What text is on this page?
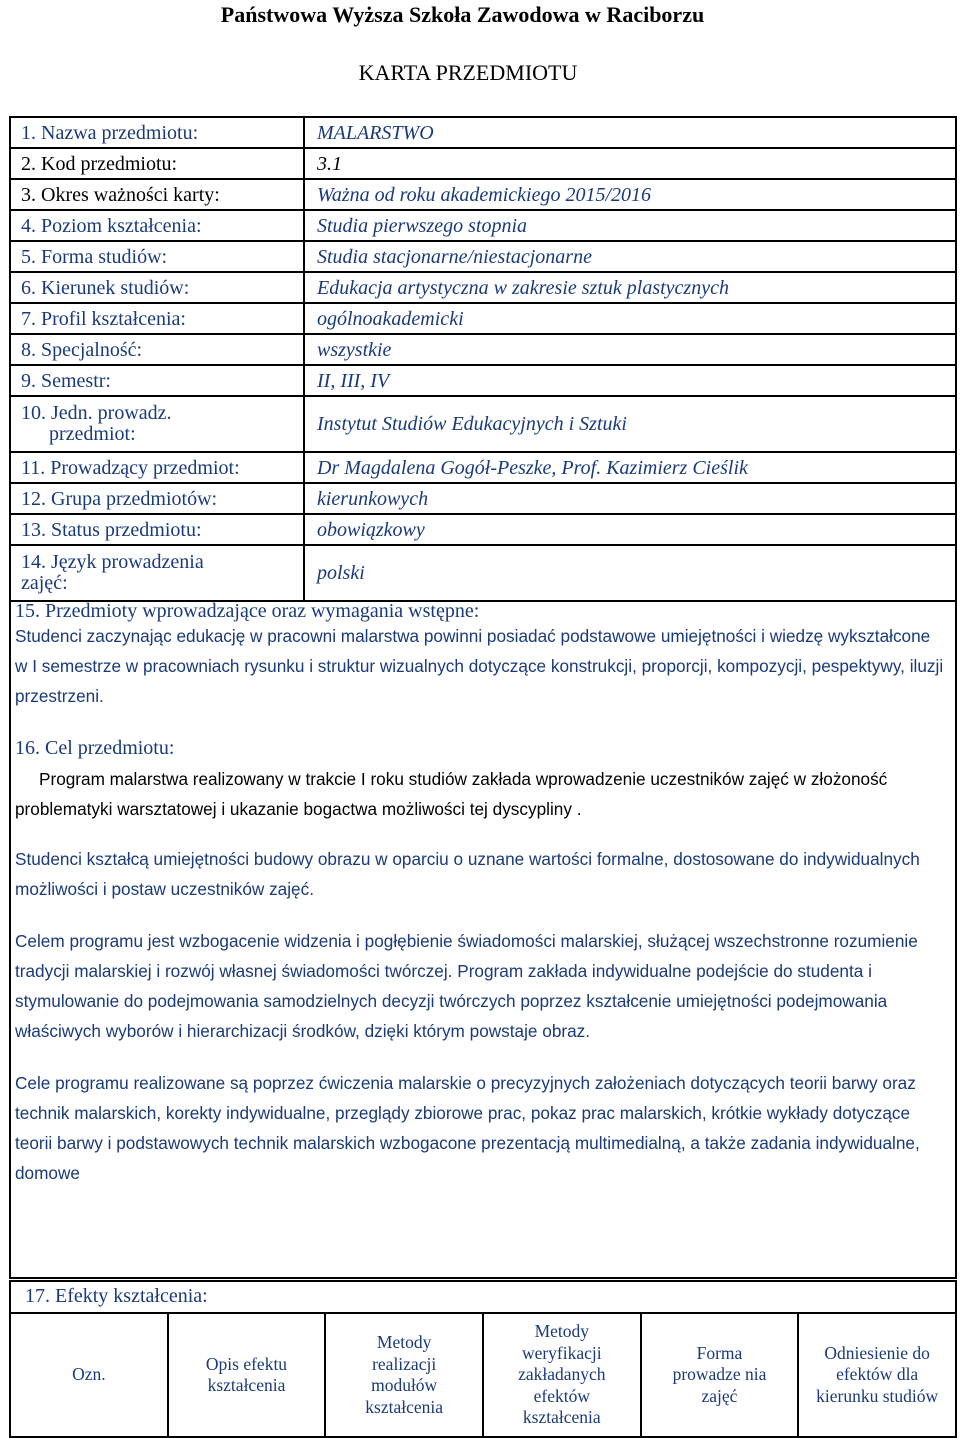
Państwowa Wyższa Szkoła Zawodowa w Raciborzu
KARTA PRZEDMIOTU
1. Nazwa przedmiotu:	MALARSTWO
2. Kod przedmiotu:	3.1
3. Okres ważności karty:	Ważna od roku akademickiego 2015/2016
4. Poziom kształcenia:	Studia pierwszego stopnia
5. Forma studiów:	Studia stacjonarne/niestacjonarne
6. Kierunek studiów:	Edukacja artystyczna w zakresie sztuk plastycznych
7. Profil kształcenia:	ogólnoakademicki
8. Specjalność:	wszystkie
9. Semestr:	II, III, IV
10. Jedn. prowadz.
przedmiot:	Instytut Studiów Edukacyjnych i Sztuki
11. Prowadzący przedmiot:	Dr Magdalena Gogół-Peszke, Prof. Kazimierz Cieślik
12. Grupa przedmiotów:	kierunkowych
13. Status przedmiotu:	obowiązkowy
14. Język prowadzenia
zajęć:	polski
15. Przedmioty wprowadzające oraz wymagania wstępne:

Studenci zaczynając edukację w pracowni malarstwa powinni posiadać podstawowe umiejętności i wiedzę wykształcone w I semestrze w pracowniach rysunku i struktur wizualnych dotyczące konstrukcji, proporcji, kompozycji, pespektywy, iluzji przestrzeni.

16. Cel przedmiotu:

Program malarstwa realizowany w trakcie I roku studiów zakłada wprowadzenie uczestników zajęć w złożoność problematyki warsztatowej i ukazanie bogactwa możliwości tej dyscypliny .

Studenci kształcą umiejętności budowy obrazu w oparciu o uznane wartości formalne, dostosowane do indywidualnych możliwości i postaw uczestników zajęć.

Celem programu jest wzbogacenie widzenia i pogłębienie świadomości malarskiej, służącej wszechstronne rozumienie tradycji malarskiej i rozwój własnej świadomości twórczej. Program zakłada indywidualne podejście do studenta i stymulowanie do podejmowania samodzielnych decyzji twórczych poprzez kształcenie umiejętności podejmowania właściwych wyborów i hierarchizacji środków, dzięki którym powstaje obraz.

Cele programu realizowane są poprzez ćwiczenia malarskie o precyzyjnych założeniach dotyczących teorii barwy oraz technik malarskich, korekty indywidualne, przeglądy zbiorowe prac, pokaz prac malarskich, krótkie wykłady dotyczące teorii barwy i podstawowych technik malarskich wzbogacone prezentacją multimedialną, a także zadania indywidualne, domowe

17. Efekty kształcenia:
Ozn.	Opis efektu kształcenia	Metody realizacji modułów kształcenia	Metody weryfikacji zakładanych efektów kształcenia	Forma prowadze nia zajęć	Odniesienie do efektów dla kierunku studiów
